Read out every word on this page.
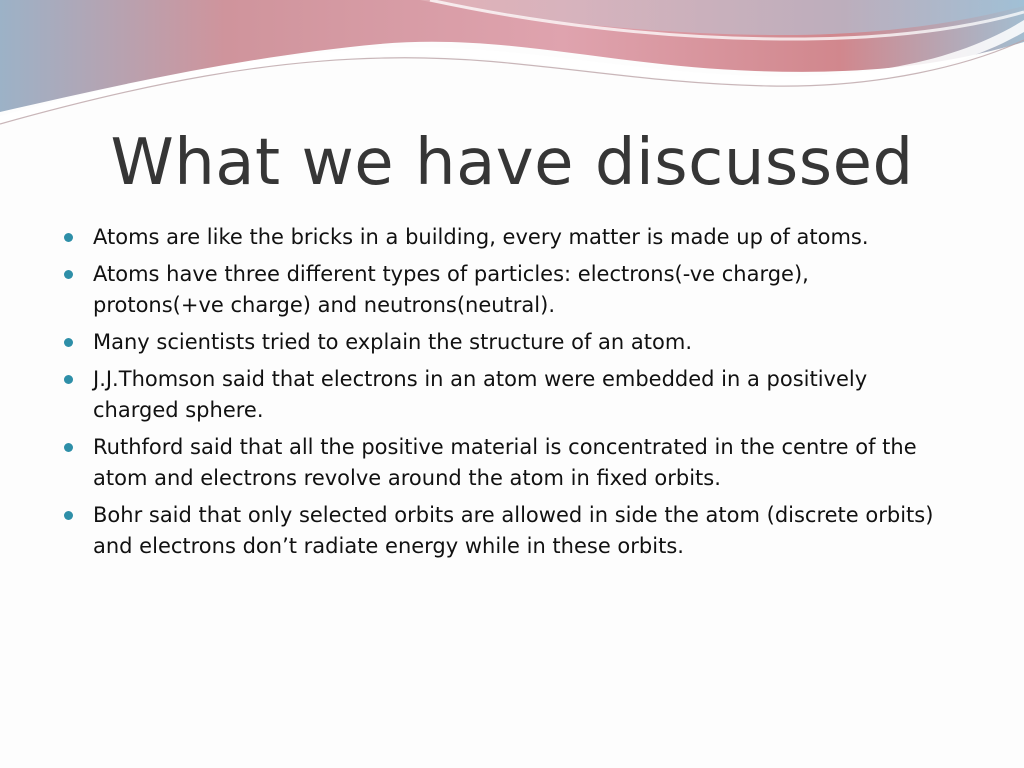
What we have discussed
Atoms are like the bricks in a building, every matter is made up of atoms.
Atoms have three different types of particles: electrons(-ve charge), protons(+ve charge) and neutrons(neutral).
Many scientists tried to explain the structure of an atom.
J.J.Thomson said that electrons in an atom were embedded in a positively charged sphere.
Ruthford said that all the positive material is concentrated in the centre of the atom and electrons revolve around the atom in fixed orbits.
Bohr said that only selected orbits are allowed in side the atom (discrete orbits) and electrons don’t radiate energy while in these orbits.
